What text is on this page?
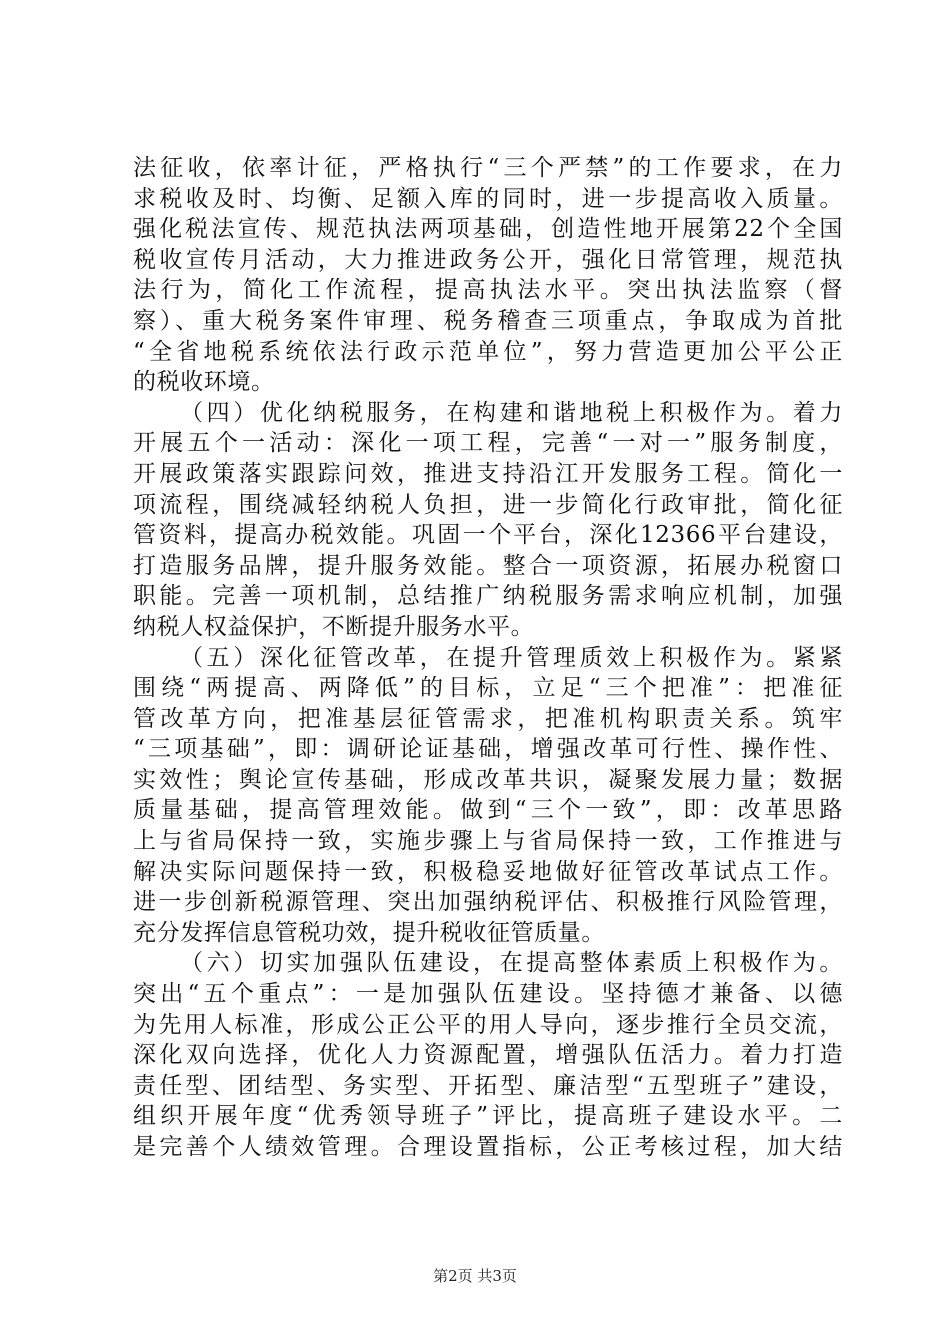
法征收，依率计征，严格执行“三个严禁”的工作要求，在力
求税收及时、均衡、足额入库的同时，进一步提高收入质量。
强化税法宣传、规范执法两项基础，创造性地开展第22个全国
税收宣传月活动，大力推进政务公开，强化日常管理，规范执
法行为，简化工作流程，提高执法水平。突出执法监察（督
察）、重大税务案件审理、税务稽查三项重点，争取成为首批
“全省地税系统依法行政示范单位”，努力营造更加公平公正
的税收环境。
（四）优化纳税服务，在构建和谐地税上积极作为。着力
开展五个一活动：深化一项工程，完善“一对一”服务制度，
开展政策落实跟踪问效，推进支持沿江开发服务工程。简化一
项流程，围绕减轻纳税人负担，进一步简化行政审批，简化征
管资料，提高办税效能。巩固一个平台，深化12366平台建设，
打造服务品牌，提升服务效能。整合一项资源，拓展办税窗口
职能。完善一项机制，总结推广纳税服务需求响应机制，加强
纳税人权益保护，不断提升服务水平。
（五）深化征管改革，在提升管理质效上积极作为。紧紧
围绕“两提高、两降低”的目标，立足“三个把准”：把准征
管改革方向，把准基层征管需求，把准机构职责关系。筑牢
“三项基础”，即：调研论证基础，增强改革可行性、操作性、
实效性；舆论宣传基础，形成改革共识，凝聚发展力量；数据
质量基础，提高管理效能。做到“三个一致”，即：改革思路
上与省局保持一致，实施步骤上与省局保持一致，工作推进与
解决实际问题保持一致，积极稳妥地做好征管改革试点工作。
进一步创新税源管理、突出加强纳税评估、积极推行风险管理，
充分发挥信息管税功效，提升税收征管质量。
（六）切实加强队伍建设，在提高整体素质上积极作为。
突出“五个重点”：一是加强队伍建设。坚持德才兼备、以德
为先用人标准，形成公正公平的用人导向，逐步推行全员交流，
深化双向选择，优化人力资源配置，增强队伍活力。着力打造
责任型、团结型、务实型、开拓型、廉洁型“五型班子”建设，
组织开展年度“优秀领导班子”评比，提高班子建设水平。二
是完善个人绩效管理。合理设置指标，公正考核过程，加大结
第2页 共3页
